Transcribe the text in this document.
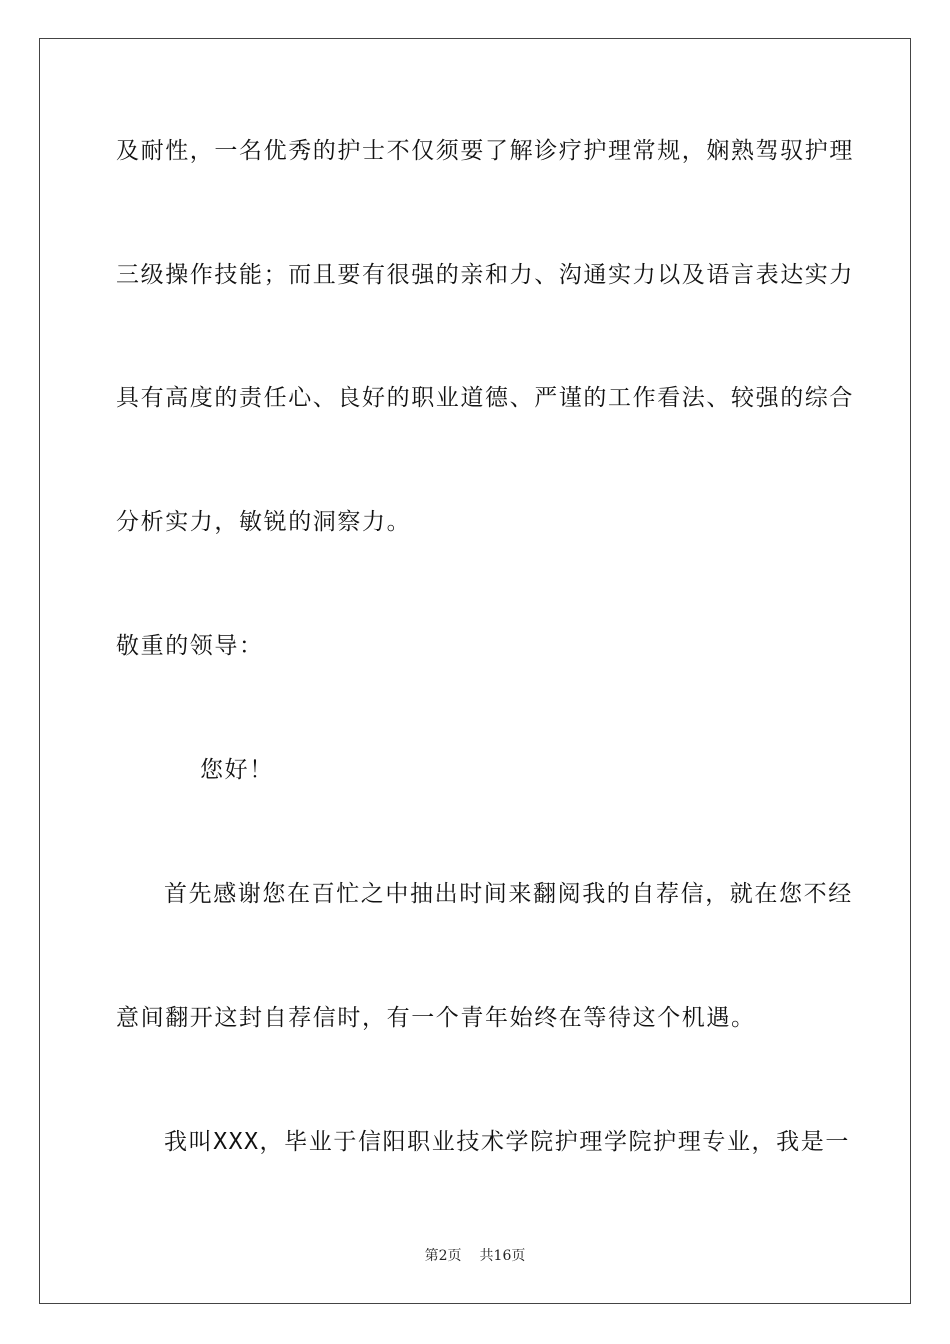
及耐性，一名优秀的护士不仅须要了解诊疗护理常规，娴熟驾驭护理
三级操作技能；而且要有很强的亲和力、沟通实力以及语言表达实力
具有高度的责任心、良好的职业道德、严谨的工作看法、较强的综合
分析实力，敏锐的洞察力。
敬重的领导：
您好！
首先感谢您在百忙之中抽出时间来翻阅我的自荐信，就在您不经
意间翻开这封自荐信时，有一个青年始终在等待这个机遇。
我叫XXX，毕业于信阳职业技术学院护理学院护理专业，我是一
第2页 共16页
